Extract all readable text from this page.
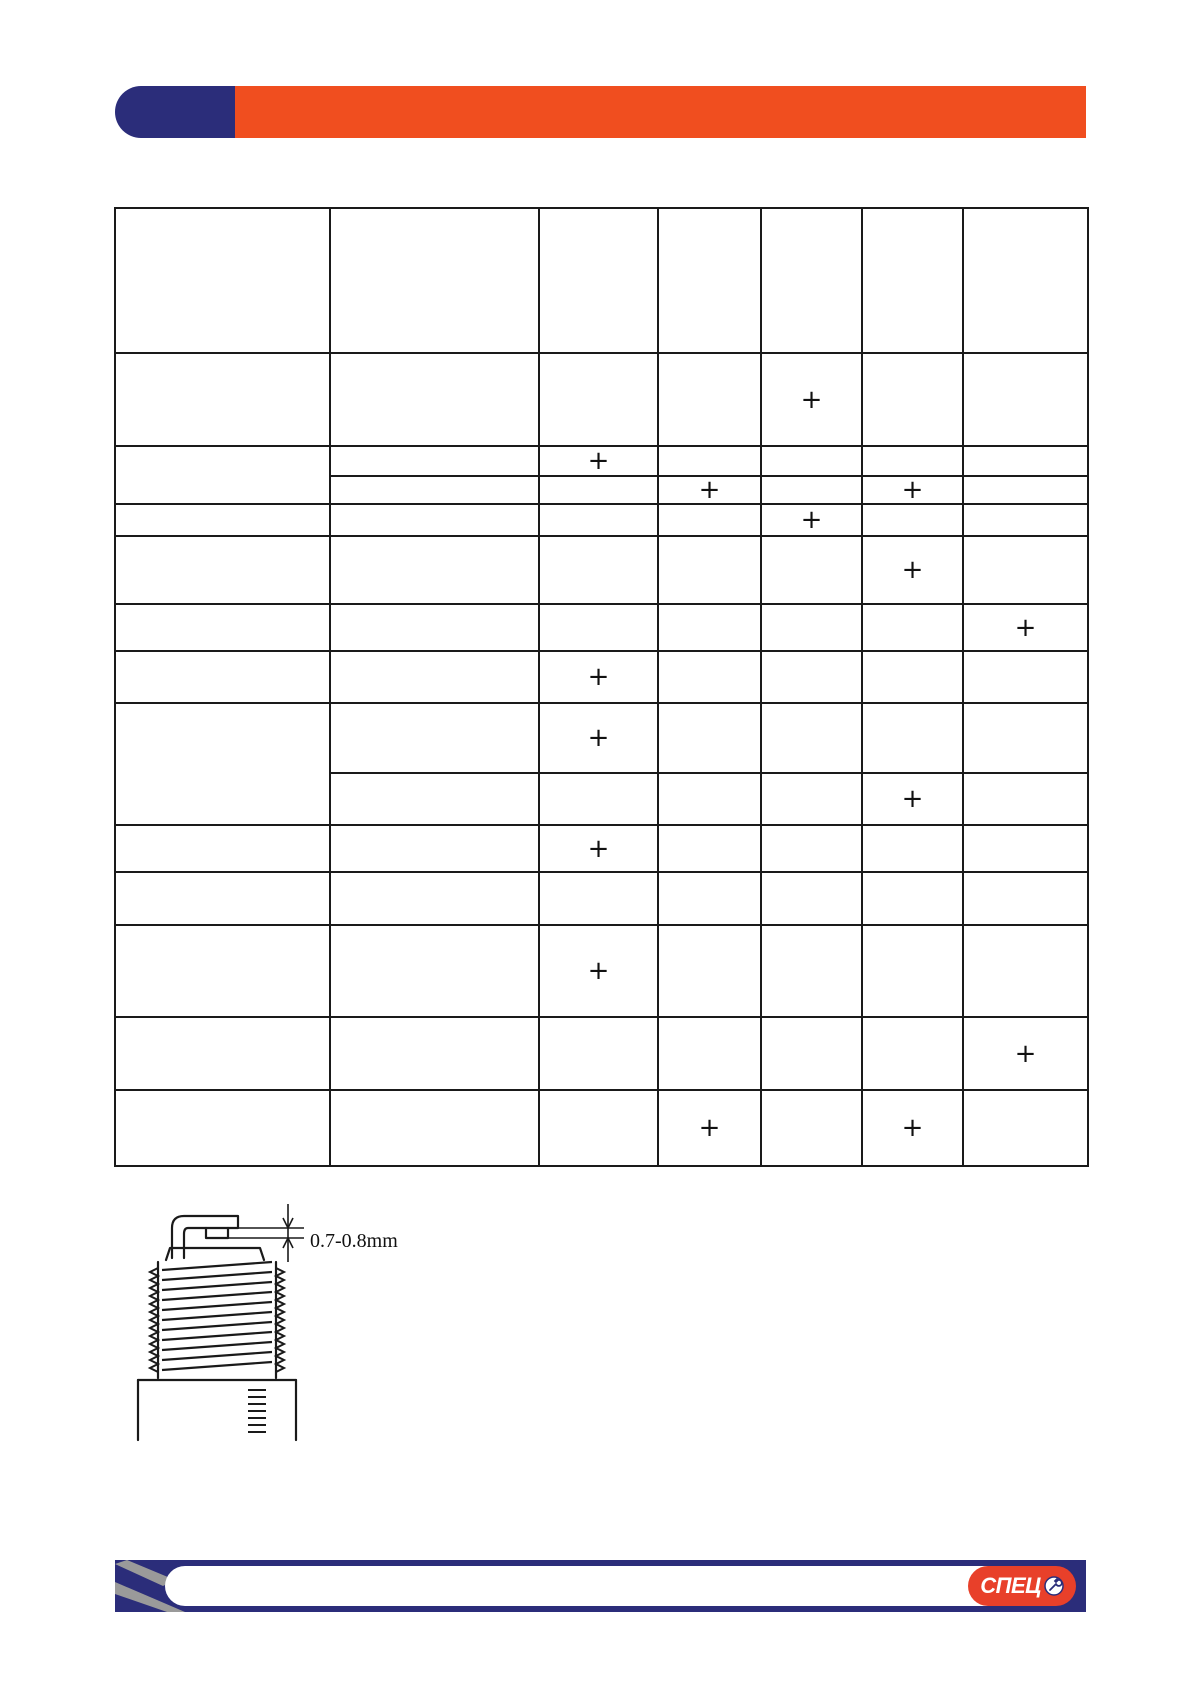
				+		
		+				
			+		+	
				+		
					+	
						+
		+				
		+				
					+	
		+				

		+				
						+
			+		+	
0.7-0.8mm
СПЕЦ
